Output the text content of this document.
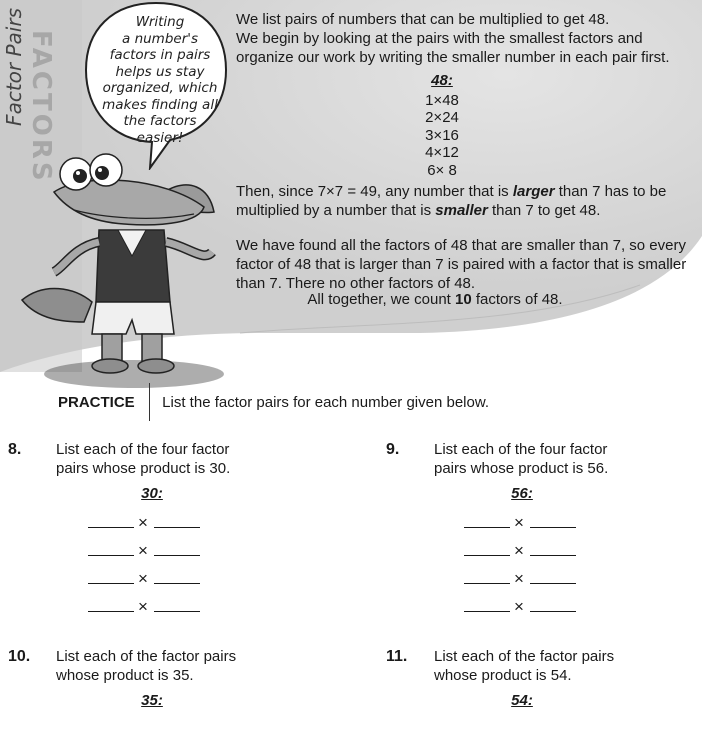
Factor Pairs FACTORS
Writing
a number's
factors in pairs
helps us stay
organized, which
makes finding all
the factors
easier!

We list pairs of numbers that can be multiplied to get 48.

We begin by looking at the pairs with the smallest factors and

organize our work by writing the smaller number in each pair first.

48:
1×48
2×24
3×16
4×12
6× 8
Then, since 7×7 = 49, any number that is larger than 7 has to be multiplied by a number that is smaller than 7 to get 48.
We have found all the factors of 48 that are smaller than 7, so every factor of 48 that is larger than 7 is paired with a factor that is smaller than 7. There no other factors of 48.
All together, we count 10 factors of 48.
PRACTICE	List the factor pairs for each number given below.
8. List each of the four factor pairs whose product is 30.
30:
×
×
×
×
9. List each of the four factor pairs whose product is 56.
56:
×
×
×
×
10. List each of the factor pairs whose product is 35.
35:
11. List each of the factor pairs whose product is 54.
54:
